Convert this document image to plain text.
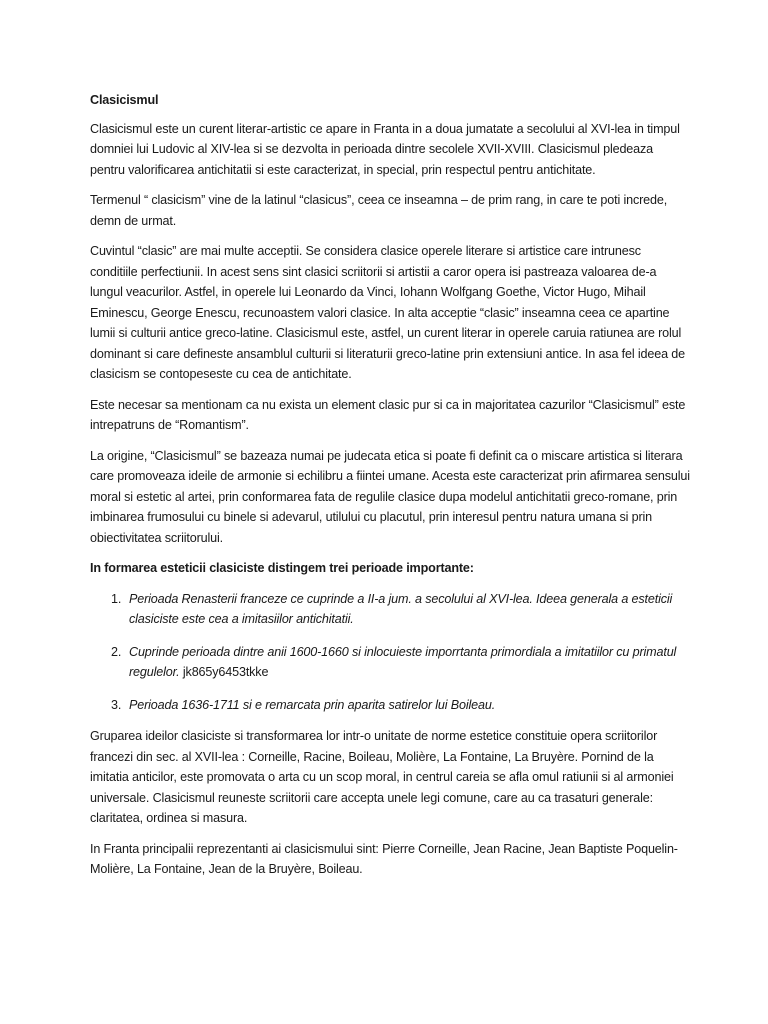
Clasicismul

Clasicismul este un curent literar-artistic ce apare in Franta in a doua jumatate a secolului al XVI-lea in timpul domniei lui Ludovic al XIV-lea si se dezvolta in perioada dintre secolele XVII-XVIII. Clasicismul pledeaza pentru valorificarea antichitatii si este caracterizat, in special, prin respectul pentru antichitate.

Termenul “ clasicism” vine de la latinul “clasicus”, ceea ce inseamna – de prim rang, in care te poti increde, demn de urmat.

Cuvintul “clasic” are mai multe acceptii. Se considera clasice operele literare si artistice care intrunesc conditiile perfectiunii. In acest sens sint clasici scriitorii si artistii a caror opera isi pastreaza valoarea de-a lungul veacurilor. Astfel, in operele lui Leonardo da Vinci, Iohann Wolfgang Goethe, Victor Hugo, Mihail Eminescu, George Enescu, recunoastem valori clasice. In alta acceptie “clasic” inseamna ceea ce apartine lumii si culturii antice greco-latine. Clasicismul este, astfel, un curent literar in operele caruia ratiunea are rolul dominant si care defineste ansamblul culturii si literaturii greco-latine prin extensiuni antice. In asa fel ideea de clasicism se contopeseste cu cea de antichitate.

Este necesar sa mentionam ca nu exista un element clasic pur si ca in majoritatea cazurilor “Clasicismul” este intrepatruns de “Romantism”.

La origine, “Clasicismul” se bazeaza numai pe judecata etica si poate fi definit ca o miscare artistica si literara care promoveaza ideile de armonie si echilibru a fiintei umane. Acesta este caracterizat prin afirmarea sensului moral si estetic al artei, prin conformarea fata de regulile clasice dupa modelul antichitatii greco-romane, prin imbinarea frumosului cu binele si adevarul, utilului cu placutul, prin interesul pentru natura umana si prin obiectivitatea scriitorului.

In formarea esteticii clasiciste distingem trei perioade importante:

1. Perioada Renasterii franceze ce cuprinde a II-a jum. a secolului al XVI-lea. Ideea generala a esteticii clasiciste este cea a imitasiilor antichitatii.
2. Cuprinde perioada dintre anii 1600-1660 si inlocuieste imporrtanta primordiala a imitatiilor cu primatul regulelor. jk865y6453tkke
3. Perioada 1636-1711 si e remarcata prin aparita satirelor lui Boileau.

Gruparea ideilor clasiciste si transformarea lor intr-o unitate de norme estetice constituie opera scriitorilor francezi din sec. al XVII-lea : Corneille, Racine, Boileau, Molière, La Fontaine, La Bruyère. Pornind de la imitatia anticilor, este promovata o arta cu un scop moral, in centrul careia se afla omul ratiunii si al armoniei universale. Clasicismul reuneste scriitorii care accepta unele legi comune, care au ca trasaturi generale: claritatea, ordinea si masura.

In Franta principalii reprezentanti ai clasicismului sint: Pierre Corneille, Jean Racine, Jean Baptiste Poquelin-Molière, La Fontaine, Jean de la Bruyère, Boileau.
